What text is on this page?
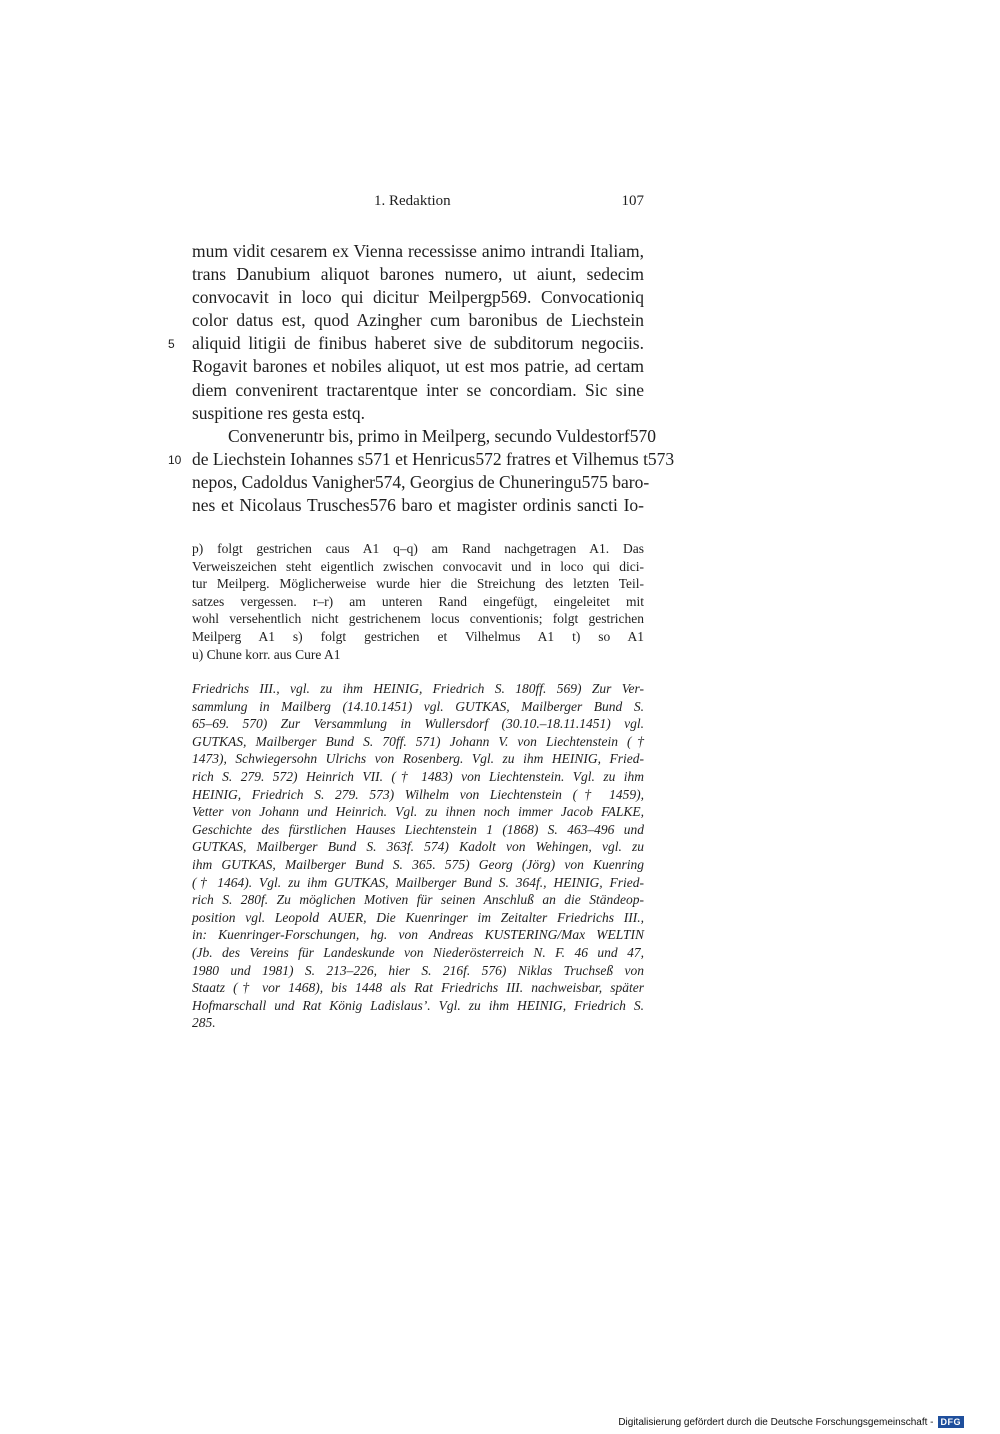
1. Redaktion	107
mum vidit cesarem ex Vienna recessisse animo intrandi Italiam,
trans Danubium aliquot barones numero, ut aiunt, sedecim
convocavit in loco qui dicitur Meilpergp569. Convocationiq
color datus est, quod Azingher cum baronibus de Liechstein
5 aliquid litigii de finibus haberet sive de subditorum negociis.
Rogavit barones et nobiles aliquot, ut est mos patrie, ad certam
diem convenirent tractarentque inter se concordiam. Sic sine
suspitione res gesta estq.
Conveneruntr bis, primo in Meilperg, secundo Vuldestorf570
10 de Liechstein Iohannes s571 et Henricus572 fratres et Vilhemus t573
nepos, Cadoldus Vanigher574, Georgius de Chuneringu575 baro-
nes et Nicolaus Trusches576 baro et magister ordinis sancti Io-
p) folgt gestrichen caus A1 q–q) am Rand nachgetragen A1. Das
Verweiszeichen steht eigentlich zwischen convocavit und in loco qui dici-
tur Meilperg. Möglicherweise wurde hier die Streichung des letzten Teil-
satzes vergessen. r–r) am unteren Rand eingefügt, eingeleitet mit
wohl versehentlich nicht gestrichenem locus conventionis; folgt gestrichen
Meilperg A1 s) folgt gestrichen et Vilhelmus A1 t) so A1
u) Chune korr. aus Cure A1
Friedrichs III., vgl. zu ihm HEINIG, Friedrich S. 180ff. 569) Zur Ver-
sammlung in Mailberg (14.10.1451) vgl. GUTKAS, Mailberger Bund S.
65–69. 570) Zur Versammlung in Wullersdorf (30.10.–18.11.1451) vgl.
GUTKAS, Mailberger Bund S. 70ff. 571) Johann V. von Liechtenstein (†
1473), Schwiegersohn Ulrichs von Rosenberg. Vgl. zu ihm HEINIG, Fried-
rich S. 279. 572) Heinrich VII. († 1483) von Liechtenstein. Vgl. zu ihm
HEINIG, Friedrich S. 279. 573) Wilhelm von Liechtenstein († 1459),
Vetter von Johann und Heinrich. Vgl. zu ihnen noch immer Jacob FALKE,
Geschichte des fürstlichen Hauses Liechtenstein 1 (1868) S. 463–496 und
GUTKAS, Mailberger Bund S. 363f. 574) Kadolt von Wehingen, vgl. zu
ihm GUTKAS, Mailberger Bund S. 365. 575) Georg (Jörg) von Kuenring
(† 1464). Vgl. zu ihm GUTKAS, Mailberger Bund S. 364f., HEINIG, Fried-
rich S. 280f. Zu möglichen Motiven für seinen Anschluß an die Ständeop-
position vgl. Leopold AUER, Die Kuenringer im Zeitalter Friedrichs III.,
in: Kuenringer-Forschungen, hg. von Andreas KUSTERING/Max WELTIN
(Jb. des Vereins für Landeskunde von Niederösterreich N. F. 46 und 47,
1980 und 1981) S. 213–226, hier S. 216f. 576) Niklas Truchseß von
Staatz († vor 1468), bis 1448 als Rat Friedrichs III. nachweisbar, später
Hofmarschall und Rat König Ladislaus’. Vgl. zu ihm HEINIG, Friedrich S.
285.
Digitalisierung gefördert durch die Deutsche Forschungsgemeinschaft - DFG
